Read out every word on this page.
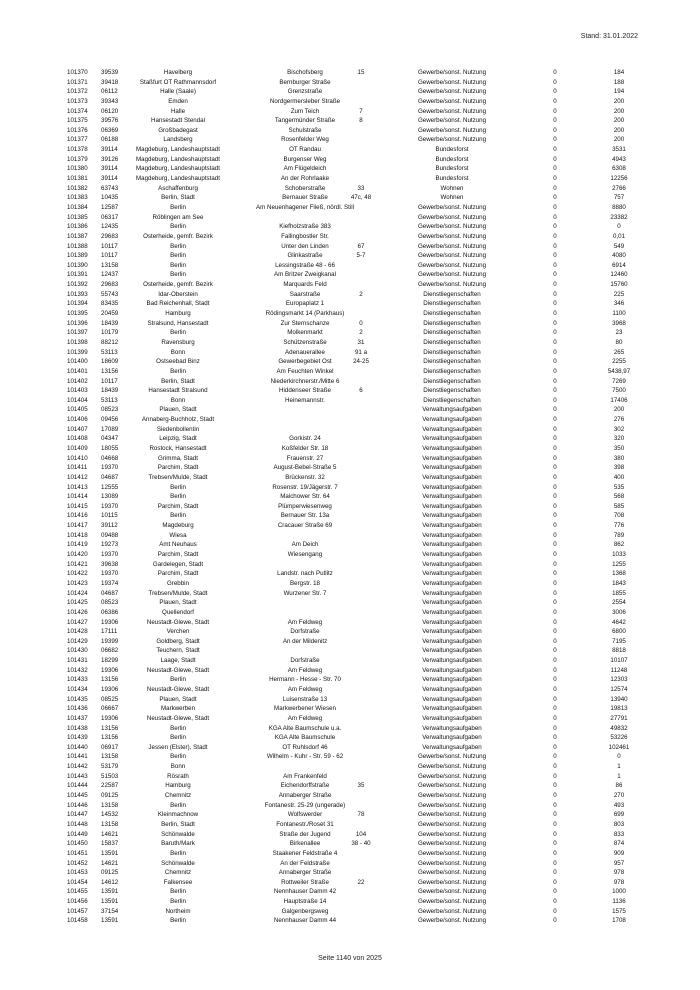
Stand: 31.01.2022
101370	39539	Havelberg	Bischofsberg	15	Gewerbe/sonst. Nutzung	0	184
101371	39418	Staßfurt OT Rathmannsdorf	Bernburger Straße	Gewerbe/sonst. Nutzung	0	188
101372	06112	Halle (Saale)	Grenzstraße	Gewerbe/sonst. Nutzung	0	194
101373	39343	Emden	Nordgermersleber Straße	Gewerbe/sonst. Nutzung	0	200
101374	06120	Halle	Zum Teich	7	Gewerbe/sonst. Nutzung	0	200
101375	39576	Hansestadt Stendal	Tangermünder Straße	8	Gewerbe/sonst. Nutzung	0	200
101376	06369	Großbadegast	Schulstraße	Gewerbe/sonst. Nutzung	0	200
101377	06188	Landsberg	Rosenfelder Weg	Gewerbe/sonst. Nutzung	0	200
101378	39114	Magdeburg, Landeshauptstadt	OT Randau	Bundesforst	0	3531
101379	39126	Magdeburg, Landeshauptstadt	Burgenser Weg	Bundesforst	0	4943
101380	39114	Magdeburg, Landeshauptstadt	Am Flügeldeich	Bundesforst	0	6308
101381	39114	Magdeburg, Landeshauptstadt	An der Rohrlaake	Bundesforst	0	12256
101382	63743	Aschaffenburg	Schoberstraße	33	Wohnen	0	2766
101383	10435	Berlin, Stadt	Bernauer Straße	47c, 48	Wohnen	0	757
101384	12587	Berlin	Am Neuenhagener Fließ, nördl. Still	Gewerbe/sonst. Nutzung	0	8880
101385	06317	Röblingen am See	Gewerbe/sonst. Nutzung	0	23382
101386	12435	Berlin	Kiefholzstraße 383	Gewerbe/sonst. Nutzung	0	0
101387	29683	Osterheide, gemfr. Bezirk	Fallingbostler Str.	Gewerbe/sonst. Nutzung	0	0,01
101388	10117	Berlin	Unter den Linden	67	Gewerbe/sonst. Nutzung	0	549
101389	10117	Berlin	Glinkastraße	5-7	Gewerbe/sonst. Nutzung	0	4080
101390	13158	Berlin	Lessingstraße 48 - 66	Gewerbe/sonst. Nutzung	0	6914
101391	12437	Berlin	Am Britzer Zweigkanal	Gewerbe/sonst. Nutzung	0	12460
101392	29683	Osterheide, gemfr. Bezirk	Marquards Feld	Gewerbe/sonst. Nutzung	0	15760
101393	55743	Idar-Oberstein	Saarstraße	2	Dienstliegenschaften	0	225
101394	83435	Bad Reichenhall, Stadt	Europaplatz 1	Dienstliegenschaften	0	346
101395	20459	Hamburg	Rödingsmarkt 14 (Parkhaus)	Dienstliegenschaften	0	1100
101396	18439	Stralsund, Hansestadt	Zur Sternschanze	0	Dienstliegenschaften	0	3968
101397	10179	Berlin	Molkenmarkt	2	Dienstliegenschaften	0	23
101398	88212	Ravensburg	Schützenstraße	31	Dienstliegenschaften	0	80
101399	53113	Bonn	Adenauerallee	91 a	Dienstliegenschaften	0	265
101400	18609	Ostseebad Binz	Gewerbegebiet Ost	24-25	Dienstliegenschaften	0	2255
101401	13156	Berlin	Am Feuchten Winkel	Dienstliegenschaften	0	5438,97
101402	10117	Berlin, Stadt	Niederkirchnerstr./Mitte 6	Dienstliegenschaften	0	7269
101403	18439	Hansestadt Stralsund	Hiddenseer Straße	6	Dienstliegenschaften	0	7500
101404	53113	Bonn	Heinemannstr.	Dienstliegenschaften	0	17406
101405	08523	Plauen, Stadt	Verwaltungsaufgaben	0	200
101406	09456	Annaberg-Buchholz, Stadt	Verwaltungsaufgaben	0	276
101407	17089	Siedenbollentin	Verwaltungsaufgaben	0	302
101408	04347	Leipzig, Stadt	Gorkistr. 24	Verwaltungsaufgaben	0	320
101409	18055	Rostock, Hansestadt	Koßfelder Str. 18	Verwaltungsaufgaben	0	350
101410	04668	Grimma, Stadt	Frauenstr. 27	Verwaltungsaufgaben	0	380
101411	19370	Parchim, Stadt	August-Bebel-Straße 5	Verwaltungsaufgaben	0	398
101412	04687	Trebsen/Mulde, Stadt	Brückenstr. 32	Verwaltungsaufgaben	0	400
101413	12555	Berlin	Rosenstr. 19/Jägerstr. 7	Verwaltungsaufgaben	0	535
101414	13089	Berlin	Malchower Str. 64	Verwaltungsaufgaben	0	568
101415	19370	Parchim, Stadt	Plümperwiesenweg	Verwaltungsaufgaben	0	585
101416	10115	Berlin	Bernauer Str. 13a	Verwaltungsaufgaben	0	708
101417	39112	Magdeburg	Cracauer Straße 69	Verwaltungsaufgaben	0	776
101418	09488	Wiesa	Verwaltungsaufgaben	0	789
101419	19273	Amt Neuhaus	Am Deich	Verwaltungsaufgaben	0	862
101420	19370	Parchim, Stadt	Wiesengang	Verwaltungsaufgaben	0	1033
101421	39638	Gardelegen, Stadt	Verwaltungsaufgaben	0	1255
101422	19370	Parchim, Stadt	Landstr. nach Putlitz	Verwaltungsaufgaben	0	1368
101423	19374	Grebbin	Bergstr. 18	Verwaltungsaufgaben	0	1843
101424	04687	Trebsen/Mulde, Stadt	Wurzener Str. 7	Verwaltungsaufgaben	0	1855
101425	08523	Plauen, Stadt	Verwaltungsaufgaben	0	2554
101426	06386	Quellendorf	Verwaltungsaufgaben	0	3006
101427	19306	Neustadt-Glewe, Stadt	Am Feldweg	Verwaltungsaufgaben	0	4642
101428	17111	Verchen	Dorfstraße	Verwaltungsaufgaben	0	6800
101429	19399	Goldberg, Stadt	An der Mildenitz	Verwaltungsaufgaben	0	7195
101430	06682	Teuchern, Stadt	Verwaltungsaufgaben	0	8818
101431	18299	Laage, Stadt	Dorfstraße	Verwaltungsaufgaben	0	10107
101432	19306	Neustadt-Glewe, Stadt	Am Feldweg	Verwaltungsaufgaben	0	11248
101433	13156	Berlin	Hermann - Hesse - Str. 70	Verwaltungsaufgaben	0	12303
101434	19306	Neustadt-Glewe, Stadt	Am Feldweg	Verwaltungsaufgaben	0	12574
101435	08525	Plauen, Stadt	Luisenstraße 13	Verwaltungsaufgaben	0	13940
101436	06667	Markwerben	Markwerbener Wiesen	Verwaltungsaufgaben	0	19813
101437	19306	Neustadt-Glewe, Stadt	Am Feldweg	Verwaltungsaufgaben	0	27791
101438	13156	Berlin	KGA Alte Baumschule u.a.	Verwaltungsaufgaben	0	49832
101439	13156	Berlin	KGA Alte Baumschule	Verwaltungsaufgaben	0	53226
101440	06917	Jessen (Elster), Stadt	OT Ruhlsdorf 46	Verwaltungsaufgaben	0	102461
101441	13158	Berlin	Wilhelm - Kuhr - Str. 59 - 62	Gewerbe/sonst. Nutzung	0	0
101442	53179	Bonn	Gewerbe/sonst. Nutzung	0	1
101443	51503	Rösrath	Am Frankenfeld	Gewerbe/sonst. Nutzung	0	1
101444	22587	Hamburg	Eichendorffstraße	35	Gewerbe/sonst. Nutzung	0	86
101445	09125	Chemnitz	Annaberger Straße	Gewerbe/sonst. Nutzung	0	270
101446	13158	Berlin	Fontanestr. 25-29 (ungerade)	Gewerbe/sonst. Nutzung	0	493
101447	14532	Kleinmachnow	Wolfswerder	78	Gewerbe/sonst. Nutzung	0	699
101448	13158	Berlin, Stadt	Fontanestr./Roset 31	Gewerbe/sonst. Nutzung	0	803
101449	14621	Schönwalde	Straße der Jugend	104	Gewerbe/sonst. Nutzung	0	833
101450	15837	Baruth/Mark	Birkenallee	38 - 40	Gewerbe/sonst. Nutzung	0	874
101451	13591	Berlin	Staakener Feldstraße 4	Gewerbe/sonst. Nutzung	0	909
101452	14621	Schönwalde	An der Feldstraße	Gewerbe/sonst. Nutzung	0	957
101453	09125	Chemnitz	Annaberger Straße	Gewerbe/sonst. Nutzung	0	978
101454	14612	Falkensee	Rottweiler Straße	22	Gewerbe/sonst. Nutzung	0	978
101455	13591	Berlin	Nennhauser Damm 42	Gewerbe/sonst. Nutzung	0	1000
101456	13591	Berlin	Hauptstraße 14	Gewerbe/sonst. Nutzung	0	1136
101457	37154	Northeim	Galgenbergsweg	Gewerbe/sonst. Nutzung	0	1575
101458	13591	Berlin	Nennhauser Damm 44	Gewerbe/sonst. Nutzung	0	1708
Seite 1140 von 2025
